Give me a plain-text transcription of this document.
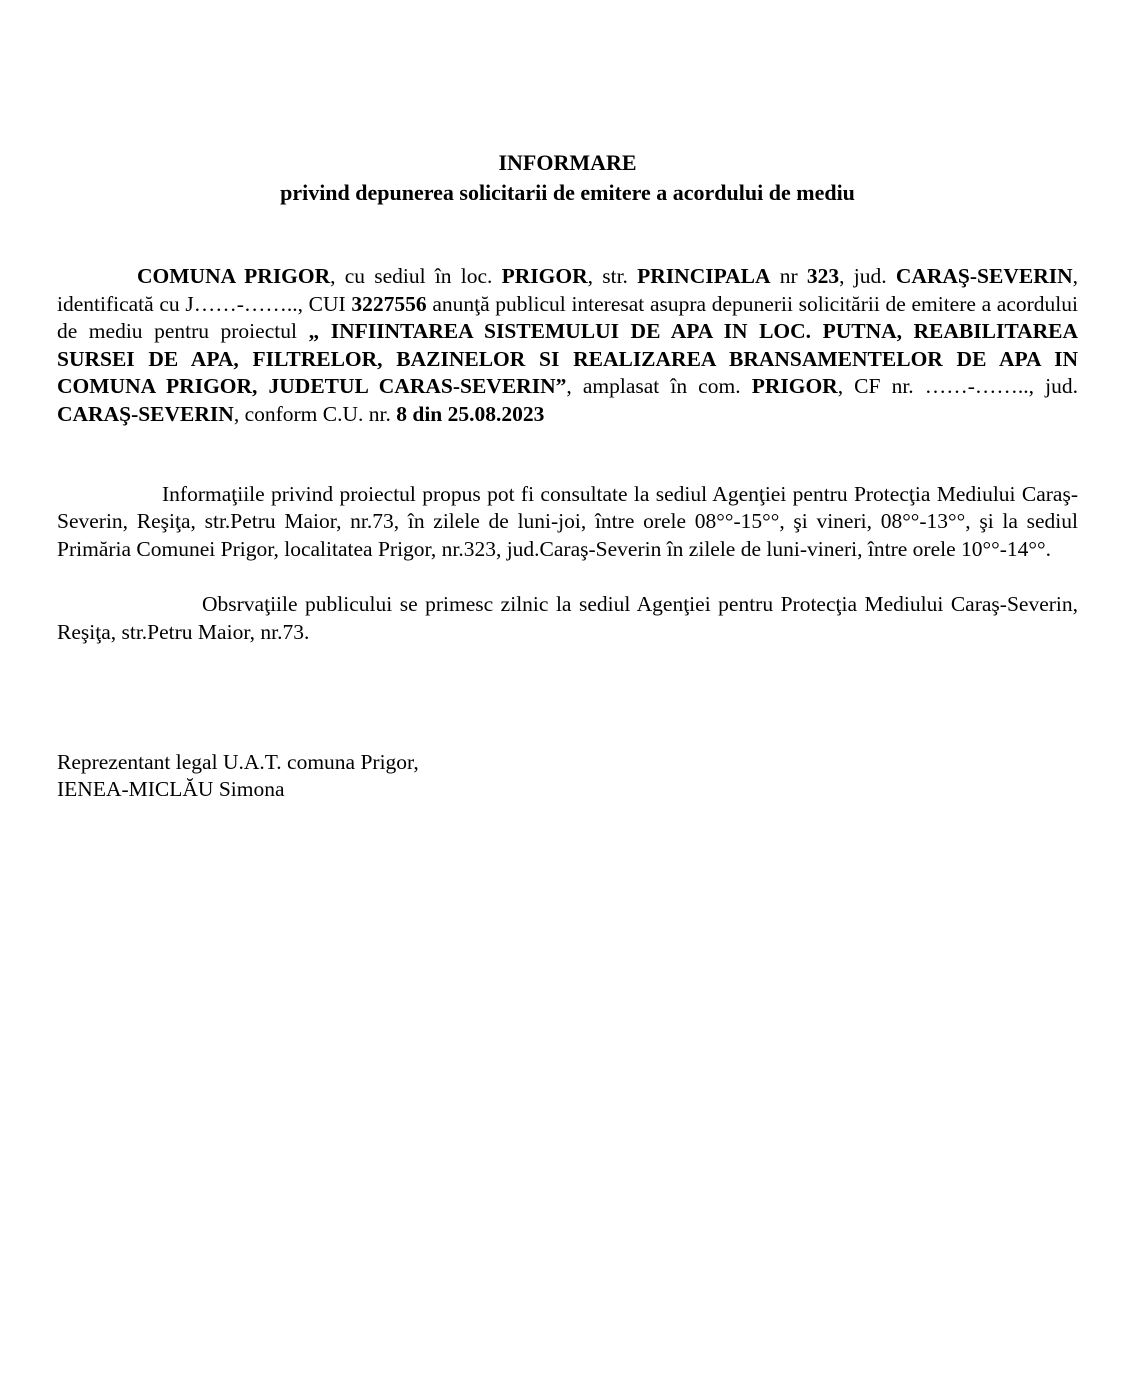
INFORMARE
privind depunerea solicitarii de emitere a acordului de mediu

COMUNA PRIGOR, cu sediul în loc. PRIGOR, str. PRINCIPALA nr 323, jud. CARAŞ-SEVERIN, identificată cu J……-…….., CUI 3227556 anunţă publicul interesat asupra depunerii solicitării de emitere a acordului de mediu pentru proiectul „ INFIINTAREA SISTEMULUI DE APA IN LOC. PUTNA, REABILITAREA SURSEI DE APA, FILTRELOR, BAZINELOR SI REALIZAREA BRANSAMENTELOR DE APA IN COMUNA PRIGOR, JUDETUL CARAS-SEVERIN”, amplasat în com. PRIGOR, CF nr. ……-…….., jud. CARAŞ-SEVERIN, conform C.U. nr. 8 din 25.08.2023

Informaţiile privind proiectul propus pot fi consultate la sediul Agenţiei pentru Protecţia Mediului Caraş-Severin, Reşiţa, str.Petru Maior, nr.73, în zilele de luni-joi, între orele 08°°-15°°, şi vineri, 08°°-13°°, şi la sediul Primăria Comunei Prigor, localitatea Prigor, nr.323, jud.Caraş-Severin în zilele de luni-vineri, între orele 10°°-14°°.

Obsrvaţiile publicului se primesc zilnic la sediul Agenţiei pentru Protecţia Mediului Caraş-Severin, Reşiţa, str.Petru Maior, nr.73.

Reprezentant legal U.A.T. comuna Prigor,

IENEA-MICLĂU Simona
